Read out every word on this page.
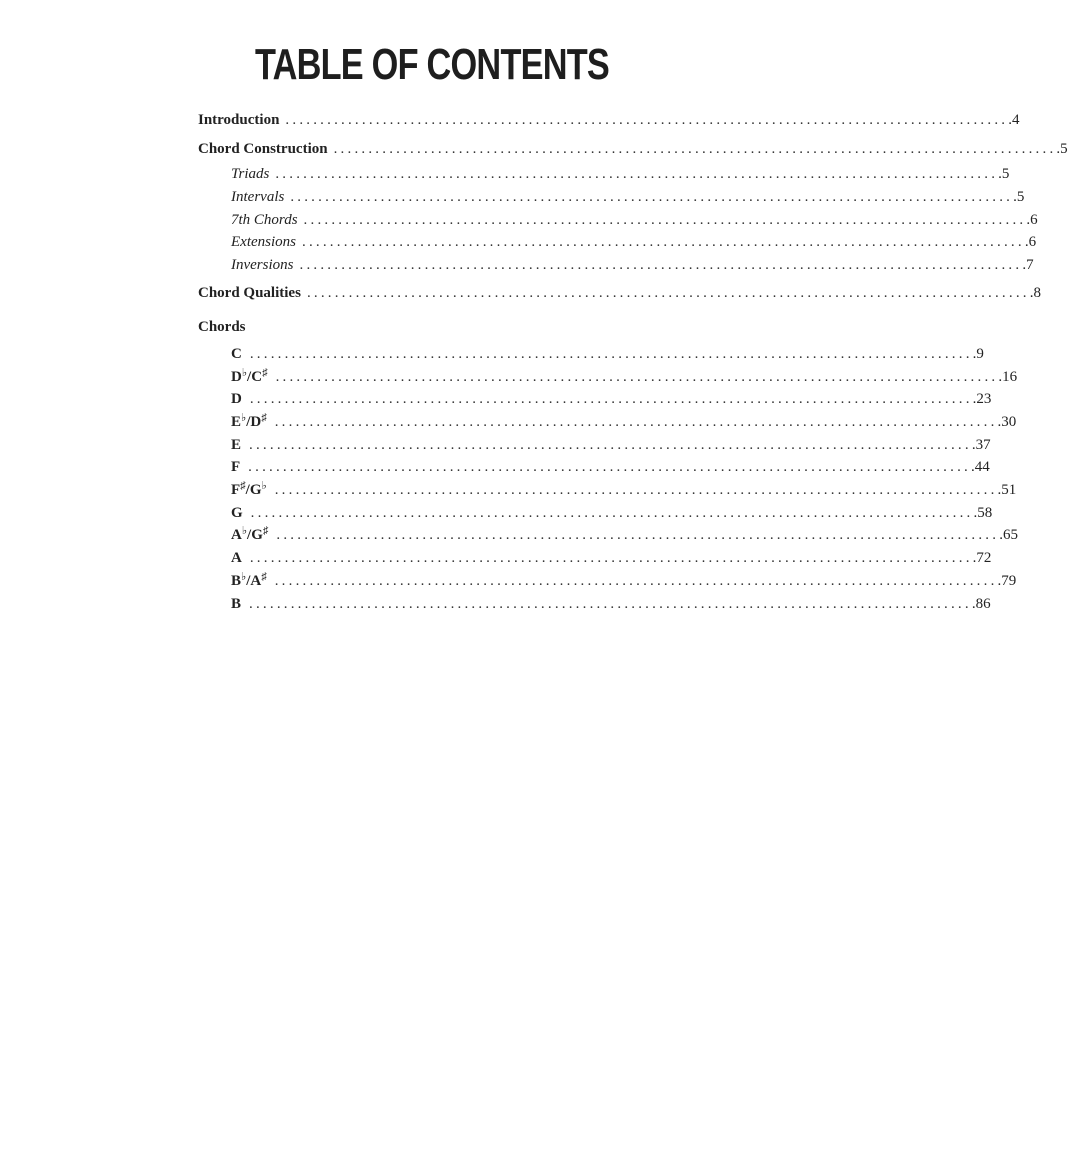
TABLE OF CONTENTS
Introduction ........................................................................................................ .4
Chord Construction ........................................................................................................ .5
Triads ........................................................................................................ .5
Intervals ........................................................................................................ .5
7th Chords ........................................................................................................ .6
Extensions ........................................................................................................ .6
Inversions ........................................................................................................ .7
Chord Qualities ........................................................................................................ .8
Chords
C ........................................................................................................ .9
D♭/C♯ ........................................................................................................ .16
D ........................................................................................................ .23
E♭/D♯ ........................................................................................................ .30
E ........................................................................................................ .37
F ........................................................................................................ .44
F♯/G♭ ........................................................................................................ .51
G ........................................................................................................ .58
A♭/G♯ ........................................................................................................ .65
A ........................................................................................................ .72
B♭/A♯ ........................................................................................................ .79
B ........................................................................................................ .86
